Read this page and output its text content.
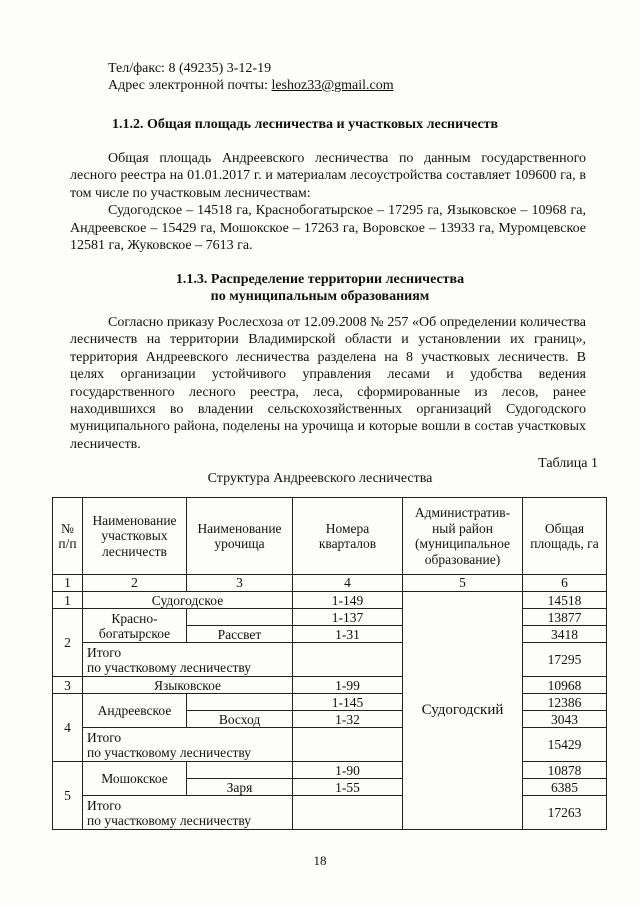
Тел/факс: 8 (49235) 3-12-19
Адрес электронной почты: leshoz33@gmail.com
1.1.2. Общая площадь лесничества и участковых лесничеств

Общая площадь Андреевского лесничества по данным государственного лесного реестра на 01.01.2017 г. и материалам лесоустройства составляет 109600 га, в том числе по участковым лесничествам:

Судогодское – 14518 га, Краснобогатырское – 17295 га, Языковское – 10968 га, Андреевское – 15429 га, Мошокское – 17263 га, Воровское – 13933 га, Муромцевское 12581 га, Жуковское – 7613 га.

1.1.3. Распределение территории лесничества
по муниципальным образованиям

Согласно приказу Рослесхоза от 12.09.2008 № 257 «Об определении количества лесничеств на территории Владимирской области и установлении их границ», территория Андреевского лесничества разделена на 8 участковых лесничеств. В целях организации устойчивого управления лесами и удобства ведения государственного лесного реестра, леса, сформированные из лесов, ранее находившихся во владении сельскохозяйственных организаций Судогодского муниципального района, поделены на урочища и которые вошли в состав участковых лесничеств.

Таблица 1
Структура Андреевского лесничества
№ п/п	Наименование участковых лесничеств	Наименование урочища	Номера кварталов	Административ-ный район (муниципальное образование)	Общая площадь, га
1	2	3	4	5	6
1	Судогодское		1-149	Судогодский	14518
2	Красно-богатырское		1-137		13877
		Рассвет	1-31		3418

	Итого
по участковому лесничеству				17295
3	Языковское		1-99		10968
4	Андреевское		1-145		12386
		Восход	1-32		3043

	Итого
по участковому лесничеству				15429
5	Мошокское		1-90		10878
		Заря	1-55		6385

	Итого
по участковому лесничеству				17263
18
